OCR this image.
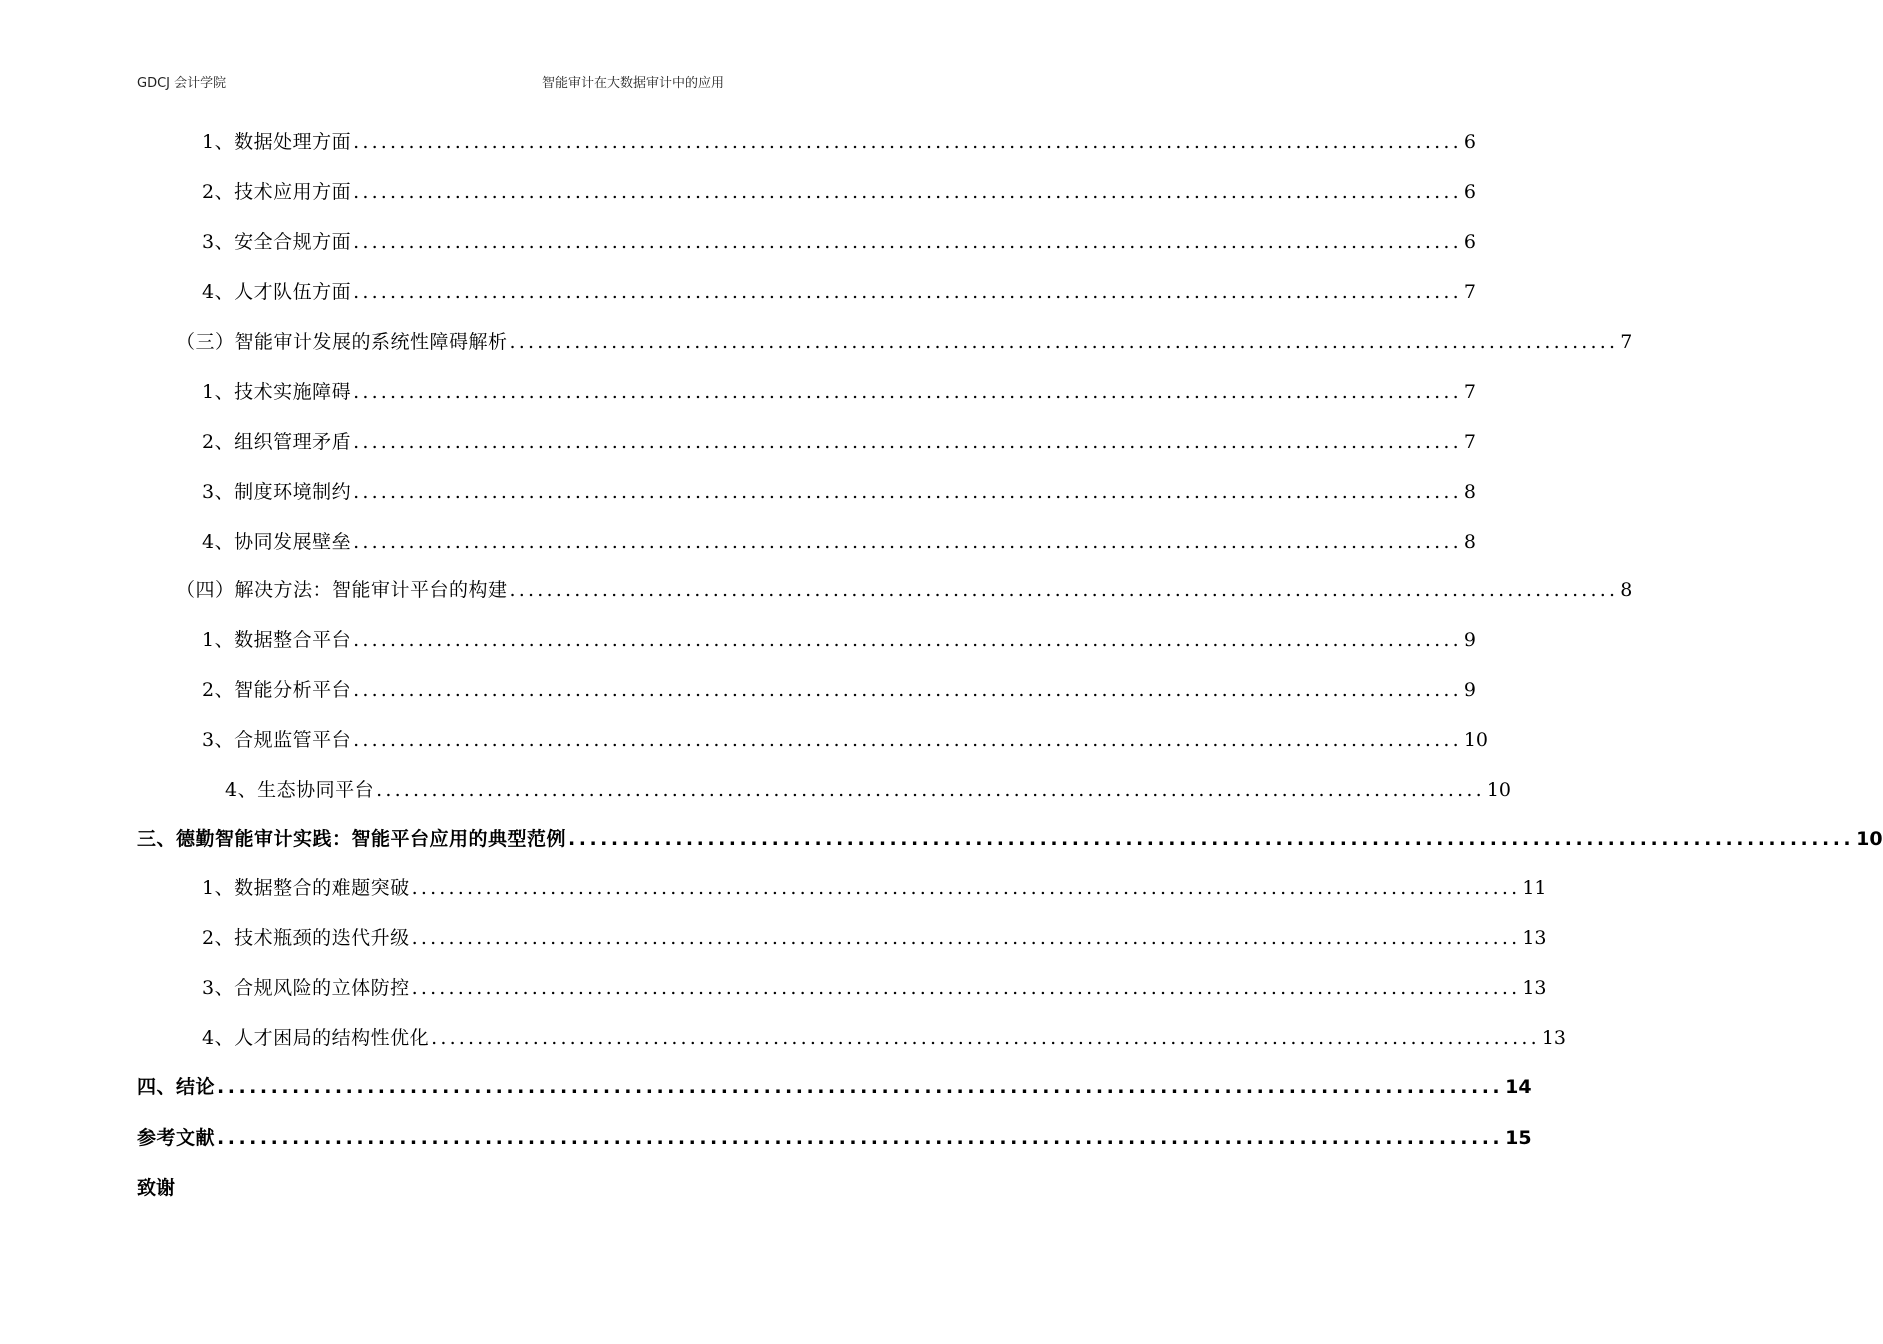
GDCJ 会计学院	智能审计在大数据审计中的应用
1、数据处理方面 ........................................................................................................................ 6
2、技术应用方面 ........................................................................................................................ 6
3、安全合规方面 ........................................................................................................................ 6
4、人才队伍方面 ........................................................................................................................ 7
（三）智能审计发展的系统性障碍解析 ........................................................................................................................ 7
1、技术实施障碍 ........................................................................................................................ 7
2、组织管理矛盾 ........................................................................................................................ 7
3、制度环境制约 ........................................................................................................................ 8
4、协同发展壁垒 ........................................................................................................................ 8
（四）解决方法：智能审计平台的构建 ........................................................................................................................ 8
1、数据整合平台 ........................................................................................................................ 9
2、智能分析平台 ........................................................................................................................ 9
3、合规监管平台 ........................................................................................................................ 10
4、生态协同平台 ........................................................................................................................ 10
三、德勤智能审计实践：智能平台应用的典型范例 ........................................................................................................................ 10
1、数据整合的难题突破 ........................................................................................................................ 11
2、技术瓶颈的迭代升级 ........................................................................................................................ 13
3、合规风险的立体防控 ........................................................................................................................ 13
4、人才困局的结构性优化 ........................................................................................................................ 13
四、结论 ........................................................................................................................ 14
参考文献 ........................................................................................................................ 15
致谢
